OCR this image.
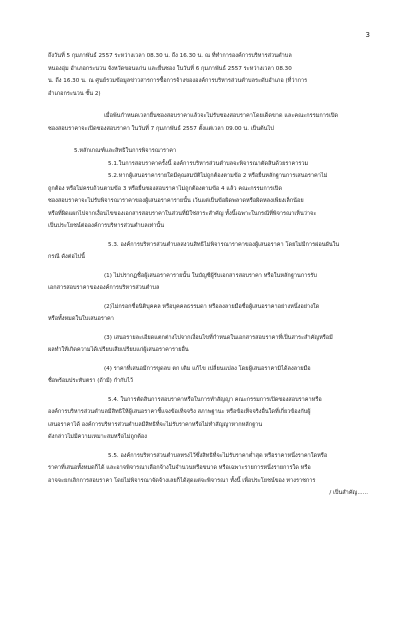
3
ถึงวันที่ 5 กุมภาพันธ์ 2557 ระหว่างเวลา 08.30 น. ถึง 16.30 น. ณ ที่ทำการองค์การบริหารส่วนตำบล
หนองอุ่ม อำเภอกระนวน จังหวัดขอนแก่น และยื่นซอง ในวันที่ 6 กุมภาพันธ์ 2557 ระหว่างเวลา 08.30
น. ถึง 16.30 น. ณ ศูนย์รวมข้อมูลข่าวสารการซื้อการจ้างขององค์การบริหารส่วนตำบลระดับอำเภอ (ที่ว่าการ
อำเภอกระนวน ชั้น 2)
เมื่อพ้นกำหนดเวลายื่นซองสอบราคาแล้วจะไม่รับซองสอบราคาโดยเด็ดขาด และคณะกรรมการเปิด
ซองสอบราคาจะเปิดซองสอบราคา ในวันที่ 7 กุมภาพันธ์ 2557 ตั้งแต่เวลา 09.00 น. เป็นต้นไป
5.หลักเกณฑ์และสิทธิในการพิจารณาราคา
5.1.ในการสอบราคาครั้งนี้ องค์การบริหารส่วนตำบลจะพิจารณาตัดสินด้วยราคารวม
5.2.หากผู้เสนอราคารายใดมีคุณสมบัติไม่ถูกต้องตามข้อ 2 หรือยื่นหลักฐานการเสนอราคาไม่
ถูกต้อง หรือไม่ครบถ้วนตามข้อ 3 หรือยื่นซองสอบราคาไม่ถูกต้องตามข้อ 4 แล้ว คณะกรรมการเปิด
ซองสอบราคาจะไม่รับพิจารณาราคาของผู้เสนอราคารายนั้น เว้นแต่เป็นข้อผิดพลาดหรือผิดหลงเพียงเล็กน้อย
หรือที่ผิดแผกไปจากเงื่อนไขของเอกสารสอบราคาในส่วนที่มิใช่สาระสำคัญ ทั้งนี้เฉพาะในกรณีที่พิจารณาเห็นว่าจะ
เป็นประโยชน์ต่อองค์การบริหารส่วนตำบลเท่านั้น
5.3. องค์การบริหารส่วนตำบลสงวนสิทธิไม่พิจารณาราคาของผู้เสนอราคา โดยไม่มีการผ่อนผันใน
กรณี ดังต่อไปนี้
(1) ไม่ปรากฏชื่อผู้เสนอราคารายนั้น ในบัญชีผู้รับเอกสารสอบราคา หรือในหลักฐานการรับ
เอกสารสอบราคาขององค์การบริหารส่วนตำบล
(2)ไม่กรอกชื่อนิติบุคคล หรือบุคคลธรรมดา หรือลงลายมือชื่อผู้เสนอราคาอย่างหนึ่งอย่างใด
หรือทั้งหมดในใบเสนอราคา
(3) เสนอรายละเอียดแตกต่างไปจากเงื่อนไขที่กำหนดในเอกสารสอบราคาที่เป็นสาระสำคัญหรือมี
ผลทำให้เกิดความได้เปรียบเสียเปรียบแก่ผู้เสนอราคารายอื่น
(4) ราคาที่เสนอมีการขูดลบ ตก เติม แก้ไข เปลี่ยนแปลง โดยผู้เสนอราคามิได้ลงลายมือ
ชื่อพร้อมประทับตรา (ถ้ามี) กำกับไว้
5.4. ในการตัดสินการสอบราคาหรือในการทำสัญญา คณะกรรมการเปิดซองสอบราคาหรือ
องค์การบริหารส่วนตำบลมีสิทธิให้ผู้เสนอราคาชี้แจงข้อเท็จจริง สภาพฐานะ หรือข้อเท็จจริงอื่นใดที่เกี่ยวข้องกับผู้
เสนอราคาได้ องค์การบริหารส่วนตำบลมีสิทธิที่จะไม่รับราคาหรือไม่ทำสัญญาหากหลักฐาน
ดังกล่าวไม่มีความเหมาะสมหรือไม่ถูกต้อง
5.5. องค์การบริหารส่วนตำบลทรงไว้ซึ่งสิทธิที่จะไม่รับราคาต่ำสุด หรือราคาหนึ่งราคาใดหรือ
ราคาที่เสนอทั้งหมดก็ได้ และอาจพิจารณาเลือกจ้างในจำนวนหรือขนาด หรือเฉพาะรายการหนึ่งรายการใด หรือ
อาจจะยกเลิกการสอบราคา โดยไม่พิจารณาจัดจ้างเลยก็ได้สุดแต่จะพิจารณา ทั้งนี้ เพื่อประโยชน์ของ ทางราชการ
/ เป็นสำคัญ......
